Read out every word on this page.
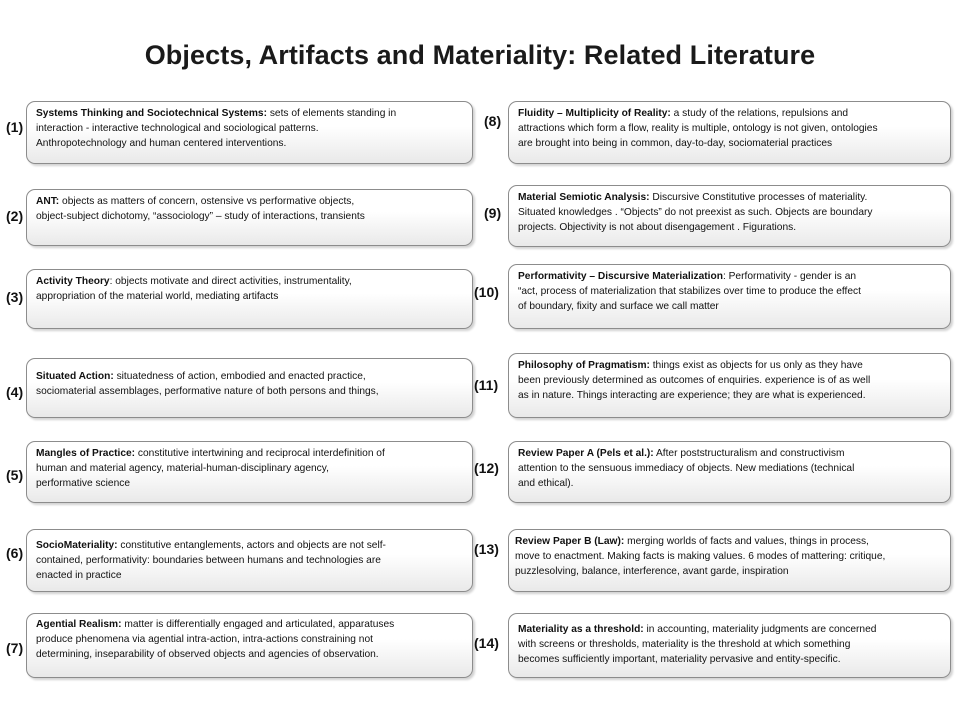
Objects, Artifacts and Materiality: Related Literature
(1)
(2)
(3)
(4)
(5)
(6)
(7)
Systems Thinking and Sociotechnical Systems: sets of elements standing in
interaction - interactive technological and sociological patterns.
Anthropotechnology and human centered interventions.
ANT: objects as matters of concern, ostensive vs performative objects,
object-subject dichotomy, “associology” – study of interactions, transients
Activity Theory: objects motivate and direct activities, instrumentality,
appropriation of the material world, mediating artifacts
Situated Action: situatedness of action, embodied and enacted practice,
sociomaterial assemblages, performative nature of both persons and things,
Mangles of Practice: constitutive intertwining and reciprocal interdefinition of
human and material agency, material-human-disciplinary agency,
performative science
SocioMateriality: constitutive entanglements, actors and objects are not self-
contained, performativity: boundaries between humans and technologies are
enacted in practice
Agential Realism: matter is differentially engaged and articulated, apparatuses
produce phenomena via agential intra-action, intra-actions constraining not
determining, inseparability of observed objects and agencies of observation.
(8)
(9)
(10)
(11)
(12)
(13)
(14)
Fluidity – Multiplicity of Reality: a study of the relations, repulsions and
attractions which form a flow, reality is multiple, ontology is not given, ontologies
are brought into being in common, day-to-day, sociomaterial practices
Material Semiotic Analysis: Discursive Constitutive processes of materiality.
Situated knowledges . “Objects” do not preexist as such. Objects are boundary
projects. Objectivity is not about disengagement . Figurations.
Performativity – Discursive Materialization: Performativity - gender is an
“act, process of materialization that stabilizes over time to produce the effect
of boundary, fixity and surface we call matter
Philosophy of Pragmatism: things exist as objects for us only as they have
been previously determined as outcomes of enquiries. experience is of as well
as in nature. Things interacting are experience; they are what is experienced.
Review Paper A (Pels et al.): After poststructuralism and constructivism
attention to the sensuous immediacy of objects. New mediations (technical
and ethical).
Review Paper B (Law): merging worlds of facts and values, things in process,
move to enactment. Making facts is making values. 6 modes of mattering: critique,
puzzlesolving, balance, interference, avant garde, inspiration
Materiality as a threshold: in accounting, materiality judgments are concerned
with screens or thresholds, materiality is the threshold at which something
becomes sufficiently important, materiality pervasive and entity-specific.
